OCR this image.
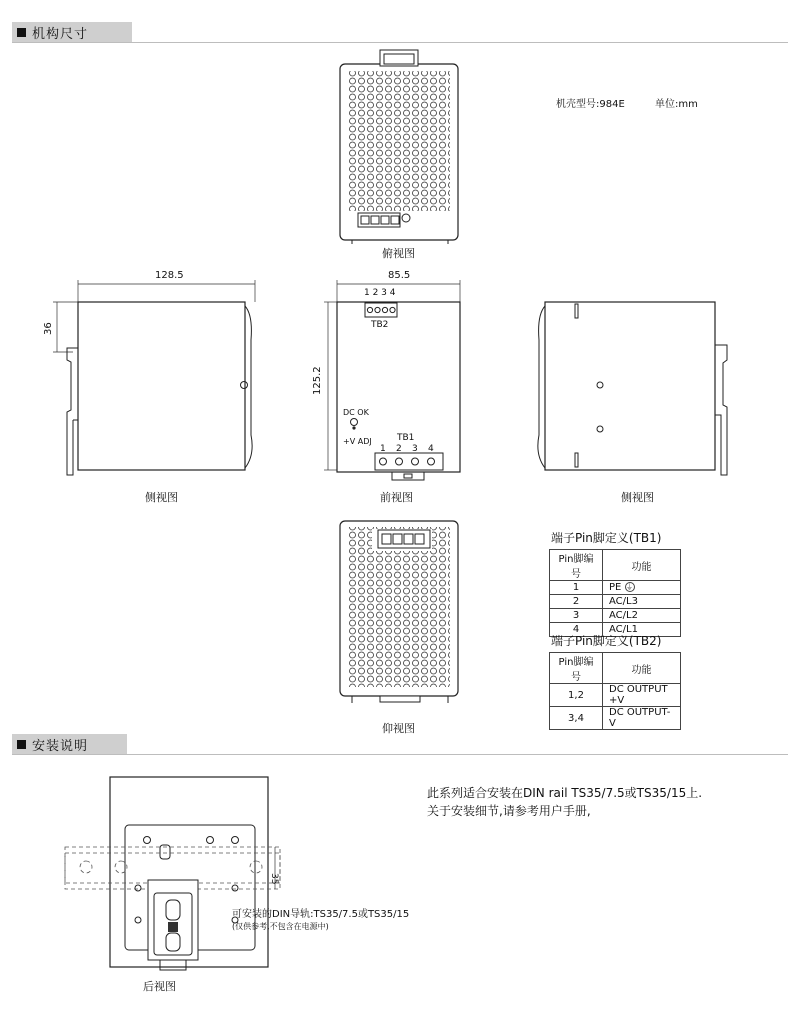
机构尺寸
机壳型号:984E	单位:mm
俯视图
128.5
36
侧视图
85.5
125.2
1 2 3 4
TB2
DC OK
+V ADJ	TB1
1 2 3 4
前视图	侧视图
仰视图
端子Pin脚定义(TB1)
Pin脚编号	功能
1	PE ⏚
2	AC/L3
3	AC/L2
4	AC/L1
端子Pin脚定义(TB2)
Pin脚编号	功能
1,2	DC OUTPUT +V
3,4	DC OUTPUT-V
安装说明
此系列适合安装在DIN rail TS35/7.5或TS35/15上.
关于安装细节,请参考用户手册,
35
可安装的DIN导轨:TS35/7.5或TS35/15
(仅供参考,不包含在电源中)
后视图
